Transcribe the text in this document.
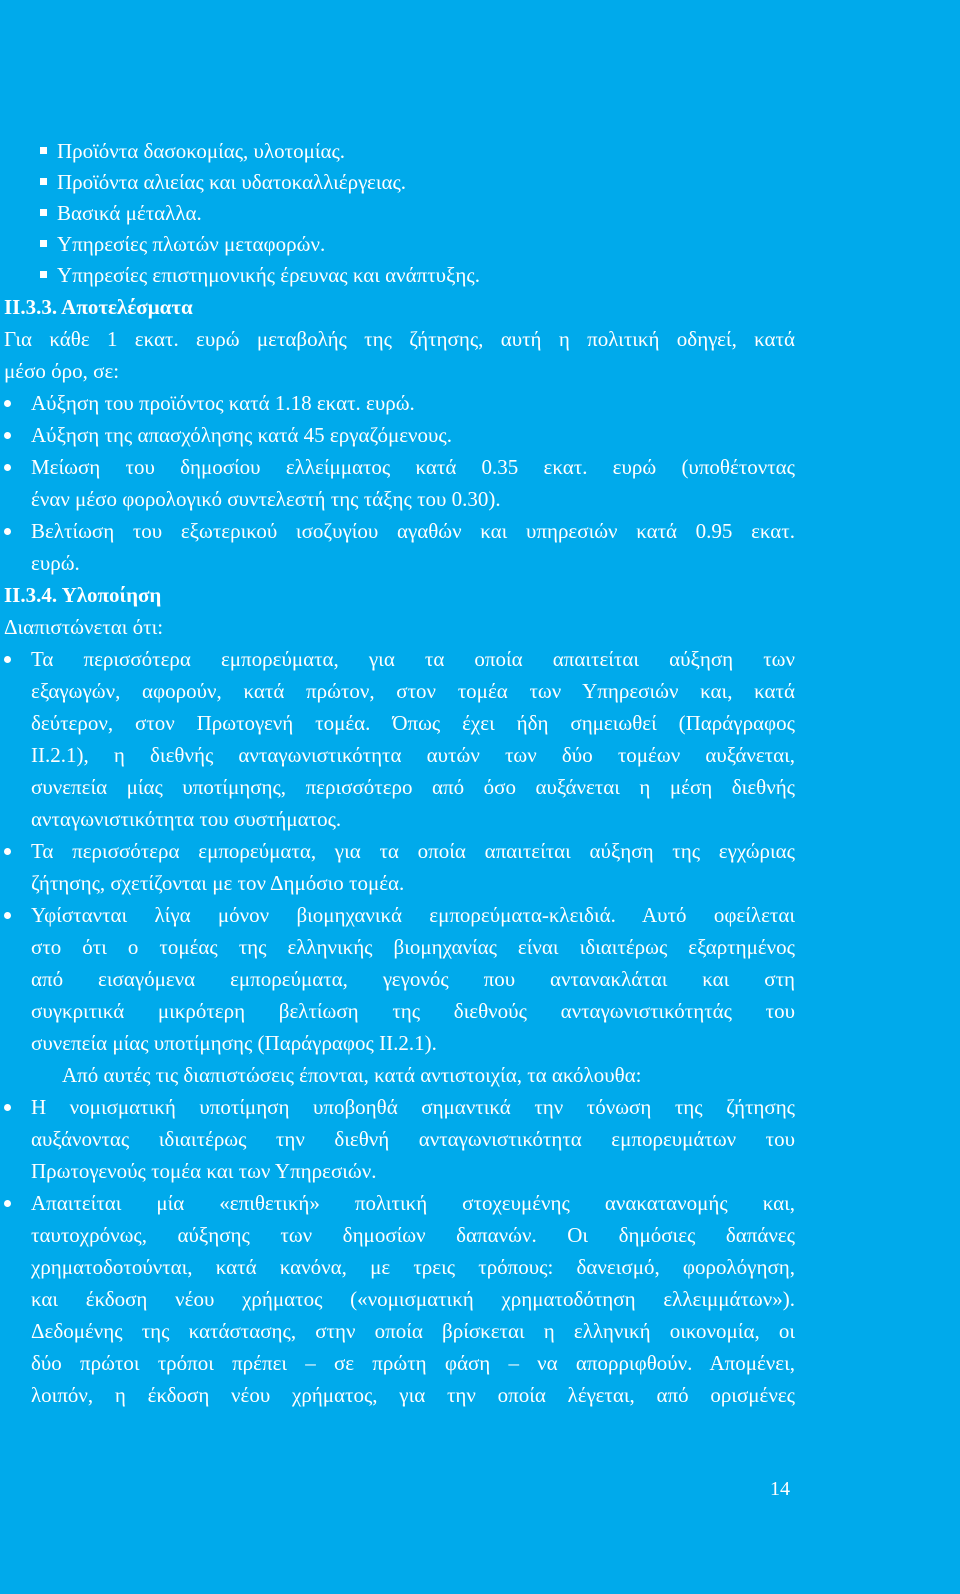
Προϊόντα δασοκομίας, υλοτομίας.
Προϊόντα αλιείας και υδατοκαλλιέργειας.
Βασικά μέταλλα.
Υπηρεσίες πλωτών μεταφορών.
Υπηρεσίες επιστημονικής έρευνας και ανάπτυξης.
ΙΙ.3.3. Αποτελέσματα
Για κάθε 1 εκατ. ευρώ μεταβολής της ζήτησης, αυτή η πολιτική οδηγεί, κατά
μέσο όρο, σε:
Αύξηση του προϊόντος κατά 1.18 εκατ. ευρώ.
Αύξηση της απασχόλησης κατά 45 εργαζόμενους.
Μείωση του δημοσίου ελλείμματος κατά 0.35 εκατ. ευρώ (υποθέτοντας
έναν μέσο φορολογικό συντελεστή της τάξης του 0.30).
Βελτίωση του εξωτερικού ισοζυγίου αγαθών και υπηρεσιών κατά 0.95 εκατ.
ευρώ.
ΙΙ.3.4. Υλοποίηση
Διαπιστώνεται ότι:
Τα περισσότερα εμπορεύματα, για τα οποία απαιτείται αύξηση των
εξαγωγών, αφορούν, κατά πρώτον, στον τομέα των Υπηρεσιών και, κατά
δεύτερον, στον Πρωτογενή τομέα. Όπως έχει ήδη σημειωθεί (Παράγραφος
ΙΙ.2.1), η διεθνής ανταγωνιστικότητα αυτών των δύο τομέων αυξάνεται,
συνεπεία μίας υποτίμησης, περισσότερο από όσο αυξάνεται η μέση διεθνής
ανταγωνιστικότητα του συστήματος.
Τα περισσότερα εμπορεύματα, για τα οποία απαιτείται αύξηση της εγχώριας
ζήτησης, σχετίζονται με τον Δημόσιο τομέα.
Υφίστανται λίγα μόνον βιομηχανικά εμπορεύματα-κλειδιά. Αυτό οφείλεται
στο ότι ο τομέας της ελληνικής βιομηχανίας είναι ιδιαιτέρως εξαρτημένος
από εισαγόμενα εμπορεύματα, γεγονός που αντανακλάται και στη
συγκριτικά μικρότερη βελτίωση της διεθνούς ανταγωνιστικότητάς του
συνεπεία μίας υποτίμησης (Παράγραφος ΙΙ.2.1).
Από αυτές τις διαπιστώσεις έπονται, κατά αντιστοιχία, τα ακόλουθα:
Η νομισματική υποτίμηση υποβοηθά σημαντικά την τόνωση της ζήτησης
αυξάνοντας ιδιαιτέρως την διεθνή ανταγωνιστικότητα εμπορευμάτων του
Πρωτογενούς τομέα και των Υπηρεσιών.
Απαιτείται μία «επιθετική» πολιτική στοχευμένης ανακατανομής και,
ταυτοχρόνως, αύξησης των δημοσίων δαπανών. Οι δημόσιες δαπάνες
χρηματοδοτούνται, κατά κανόνα, με τρεις τρόπους: δανεισμό, φορολόγηση,
και έκδοση νέου χρήματος («νομισματική χρηματοδότηση ελλειμμάτων»).
Δεδομένης της κατάστασης, στην οποία βρίσκεται η ελληνική οικονομία, οι
δύο πρώτοι τρόποι πρέπει – σε πρώτη φάση – να απορριφθούν. Απομένει,
λοιπόν, η έκδοση νέου χρήματος, για την οποία λέγεται, από ορισμένες
14
